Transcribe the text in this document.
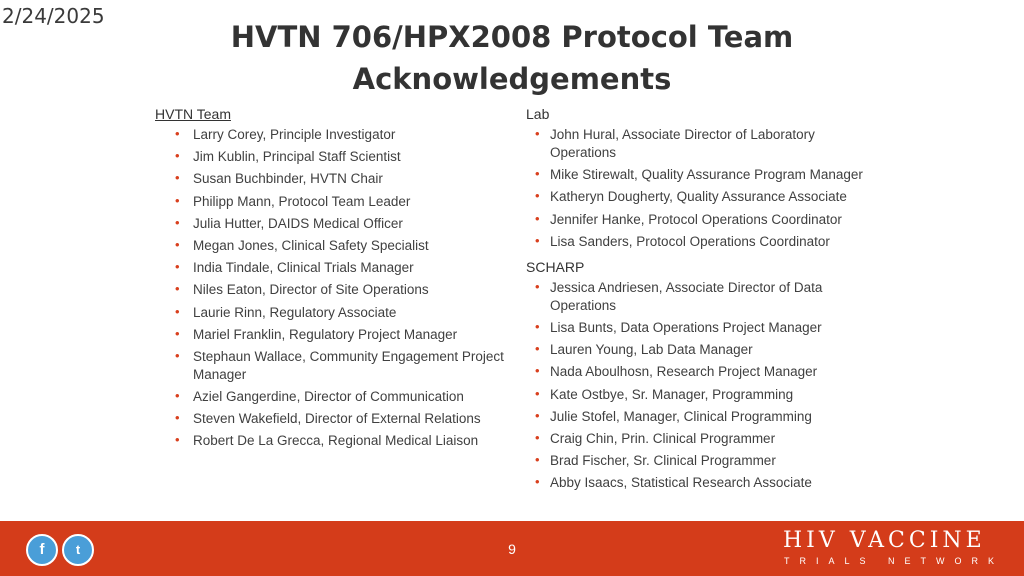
2/24/2025
HVTN 706/HPX2008 Protocol Team
Acknowledgements
HVTN Team
• Larry Corey, Principle Investigator
• Jim Kublin, Principal Staff Scientist
• Susan Buchbinder, HVTN Chair
• Philipp Mann, Protocol Team Leader
• Julia Hutter, DAIDS Medical Officer
• Megan Jones, Clinical Safety Specialist
• India Tindale, Clinical Trials Manager
• Niles Eaton, Director of Site Operations
• Laurie Rinn, Regulatory Associate
• Mariel Franklin, Regulatory Project Manager
• Stephaun Wallace, Community Engagement Project Manager
• Aziel Gangerdine, Director of Communication
• Steven Wakefield, Director of External Relations
• Robert De La Grecca, Regional Medical Liaison
Lab
• John Hural, Associate Director of Laboratory Operations
• Mike Stirewalt, Quality Assurance Program Manager
• Katheryn Dougherty, Quality Assurance Associate
• Jennifer Hanke, Protocol Operations Coordinator
• Lisa Sanders, Protocol Operations Coordinator
SCHARP
• Jessica Andriesen, Associate Director of Data Operations
• Lisa Bunts, Data Operations Project Manager
• Lauren Young, Lab Data Manager
• Nada Aboulhosn, Research Project Manager
• Kate Ostbye, Sr. Manager, Programming
• Julie Stofel, Manager, Clinical Programming
• Craig Chin, Prin. Clinical Programmer
• Brad Fischer, Sr. Clinical Programmer
• Abby Isaacs, Statistical Research Associate
f	t	9	HIV VACCINE
TRIALS NETWORK
